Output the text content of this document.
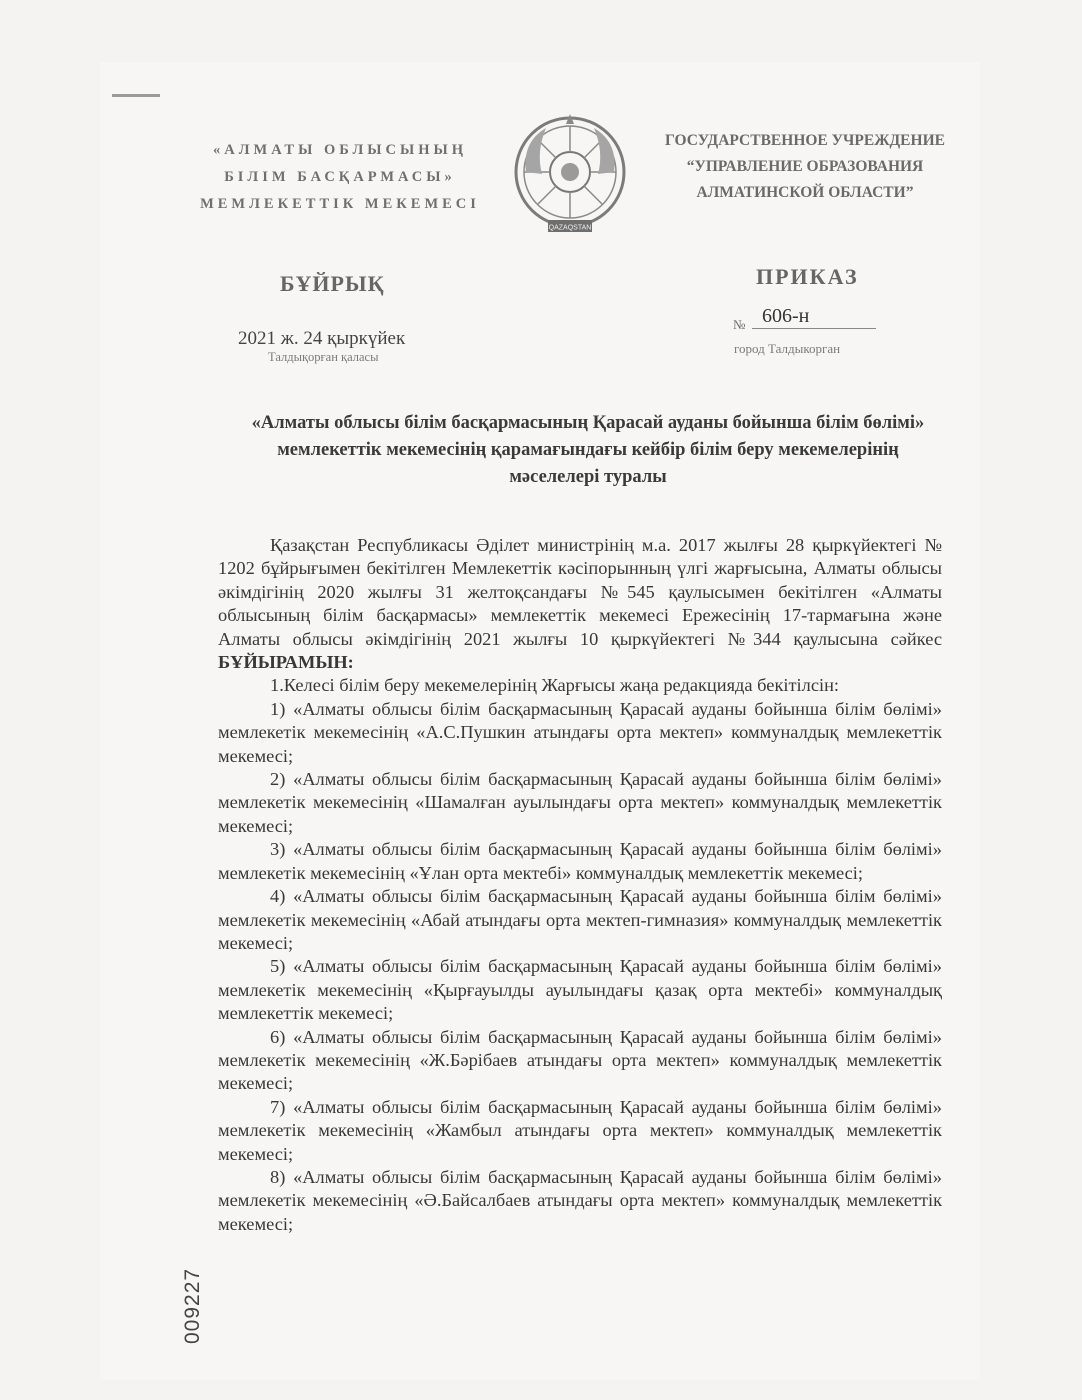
«АЛМАТЫ ОБЛЫСЫНЫҢ
БІЛІМ БАСҚАРМАСЫ»
МЕМЛЕКЕТТІК МЕКЕМЕСІ
QAZAQSTAN
ГОСУДАРСТВЕННОЕ УЧРЕЖДЕНИЕ
“УПРАВЛЕНИЕ ОБРАЗОВАНИЯ
АЛМАТИНСКОЙ ОБЛАСТИ”
БҰЙРЫҚ	ПРИКАЗ
2021 ж. 24 қыркүйек
Талдықорған қаласы
№ 606-н
город Талдыкорган
«Алматы облысы білім басқармасының Қарасай ауданы бойынша білім бөлімі» мемлекеттік мекемесінің қарамағындағы кейбір білім беру мекемелерінің мәселелері туралы

Қазақстан Республикасы Әділет министрінің м.а. 2017 жылғы 28 қыркүйектегі № 1202 бұйрығымен бекітілген Мемлекеттік кәсіпорынның үлгі жарғысына, Алматы облысы әкімдігінің 2020 жылғы 31 желтоқсандағы №545 қаулысымен бекітілген «Алматы облысының білім басқармасы» мемлекеттік мекемесі Ережесінің 17-тармағына және Алматы облысы әкімдігінің 2021 жылғы 10 қыркүйектегі №344 қаулысына сәйкес БҰЙЫРАМЫН:

1.Келесі білім беру мекемелерінің Жарғысы жаңа редакцияда бекітілсін:

1) «Алматы облысы білім басқармасының Қарасай ауданы бойынша білім бөлімі» мемлекетік мекемесінің «А.С.Пушкин атындағы орта мектеп» коммуналдық мемлекеттік мекемесі;
2) «Алматы облысы білім басқармасының Қарасай ауданы бойынша білім бөлімі» мемлекетік мекемесінің «Шамалған ауылындағы орта мектеп» коммуналдық мемлекеттік мекемесі;
3) «Алматы облысы білім басқармасының Қарасай ауданы бойынша білім бөлімі» мемлекетік мекемесінің «Ұлан орта мектебі» коммуналдық мемлекеттік мекемесі;
4) «Алматы облысы білім басқармасының Қарасай ауданы бойынша білім бөлімі» мемлекетік мекемесінің «Абай атындағы орта мектеп-гимназия» коммуналдық мемлекеттік мекемесі;
5) «Алматы облысы білім басқармасының Қарасай ауданы бойынша білім бөлімі» мемлекетік мекемесінің «Қырғауылды ауылындағы қазақ орта мектебі» коммуналдық мемлекеттік мекемесі;
6) «Алматы облысы білім басқармасының Қарасай ауданы бойынша білім бөлімі» мемлекетік мекемесінің «Ж.Бәрібаев атындағы орта мектеп» коммуналдық мемлекеттік мекемесі;
7) «Алматы облысы білім басқармасының Қарасай ауданы бойынша білім бөлімі» мемлекетік мекемесінің «Жамбыл атындағы орта мектеп» коммуналдық мемлекеттік мекемесі;
8) «Алматы облысы білім басқармасының Қарасай ауданы бойынша білім бөлімі» мемлекетік мекемесінің «Ә.Байсалбаев атындағы орта мектеп» коммуналдық мемлекеттік мекемесі;
009227
